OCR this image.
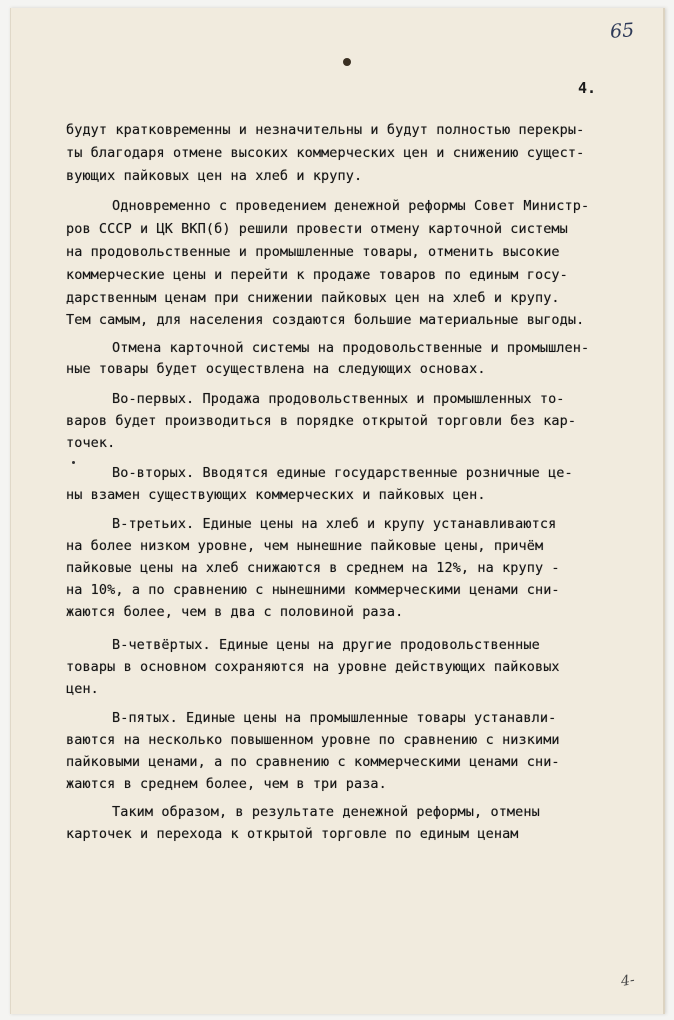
65
4.

будут кратковременны и незначительны и будут полностью перекры-

ты благодаря отмене высоких коммерческих цен и снижению сущест-

вующих пайковых цен на хлеб и крупу.

Одновременно с проведением денежной реформы Совет Министр-

ров СССР и ЦК ВКП(б) решили провести отмену карточной системы

на продовольственные и промышленные товары, отменить высокие

коммерческие цены и перейти к продаже товаров по единым госу-

дарственным ценам при снижении пайковых цен на хлеб и крупу.

Тем самым, для населения создаются большие материальные выгоды.

Отмена карточной системы на продовольственные и промышлен-

ные товары будет осуществлена на следующих основах.

Во-первых. Продажа продовольственных и промышленных то-

варов будет производиться в порядке открытой торговли без кар-

точек.

Во-вторых. Вводятся единые государственные розничные це-

ны взамен существующих коммерческих и пайковых цен.

В-третьих. Единые цены на хлеб и крупу устанавливаются

на более низком уровне, чем нынешние пайковые цены, причём

пайковые цены на хлеб снижаются в среднем на 12%, на крупу -

на 10%, а по сравнению с нынешними коммерческими ценами сни-

жаются более, чем в два с половиной раза.

В-четвёртых. Единые цены на другие продовольственные

товары в основном сохраняются на уровне действующих пайковых

цен.

В-пятых. Единые цены на промышленные товары устанавли-

ваются на несколько повышенном уровне по сравнению с низкими

пайковыми ценами, а по сравнению с коммерческими ценами сни-

жаются в среднем более, чем в три раза.

Таким образом, в результате денежной реформы, отмены

карточек и перехода к открытой торговле по единым ценам

4-
